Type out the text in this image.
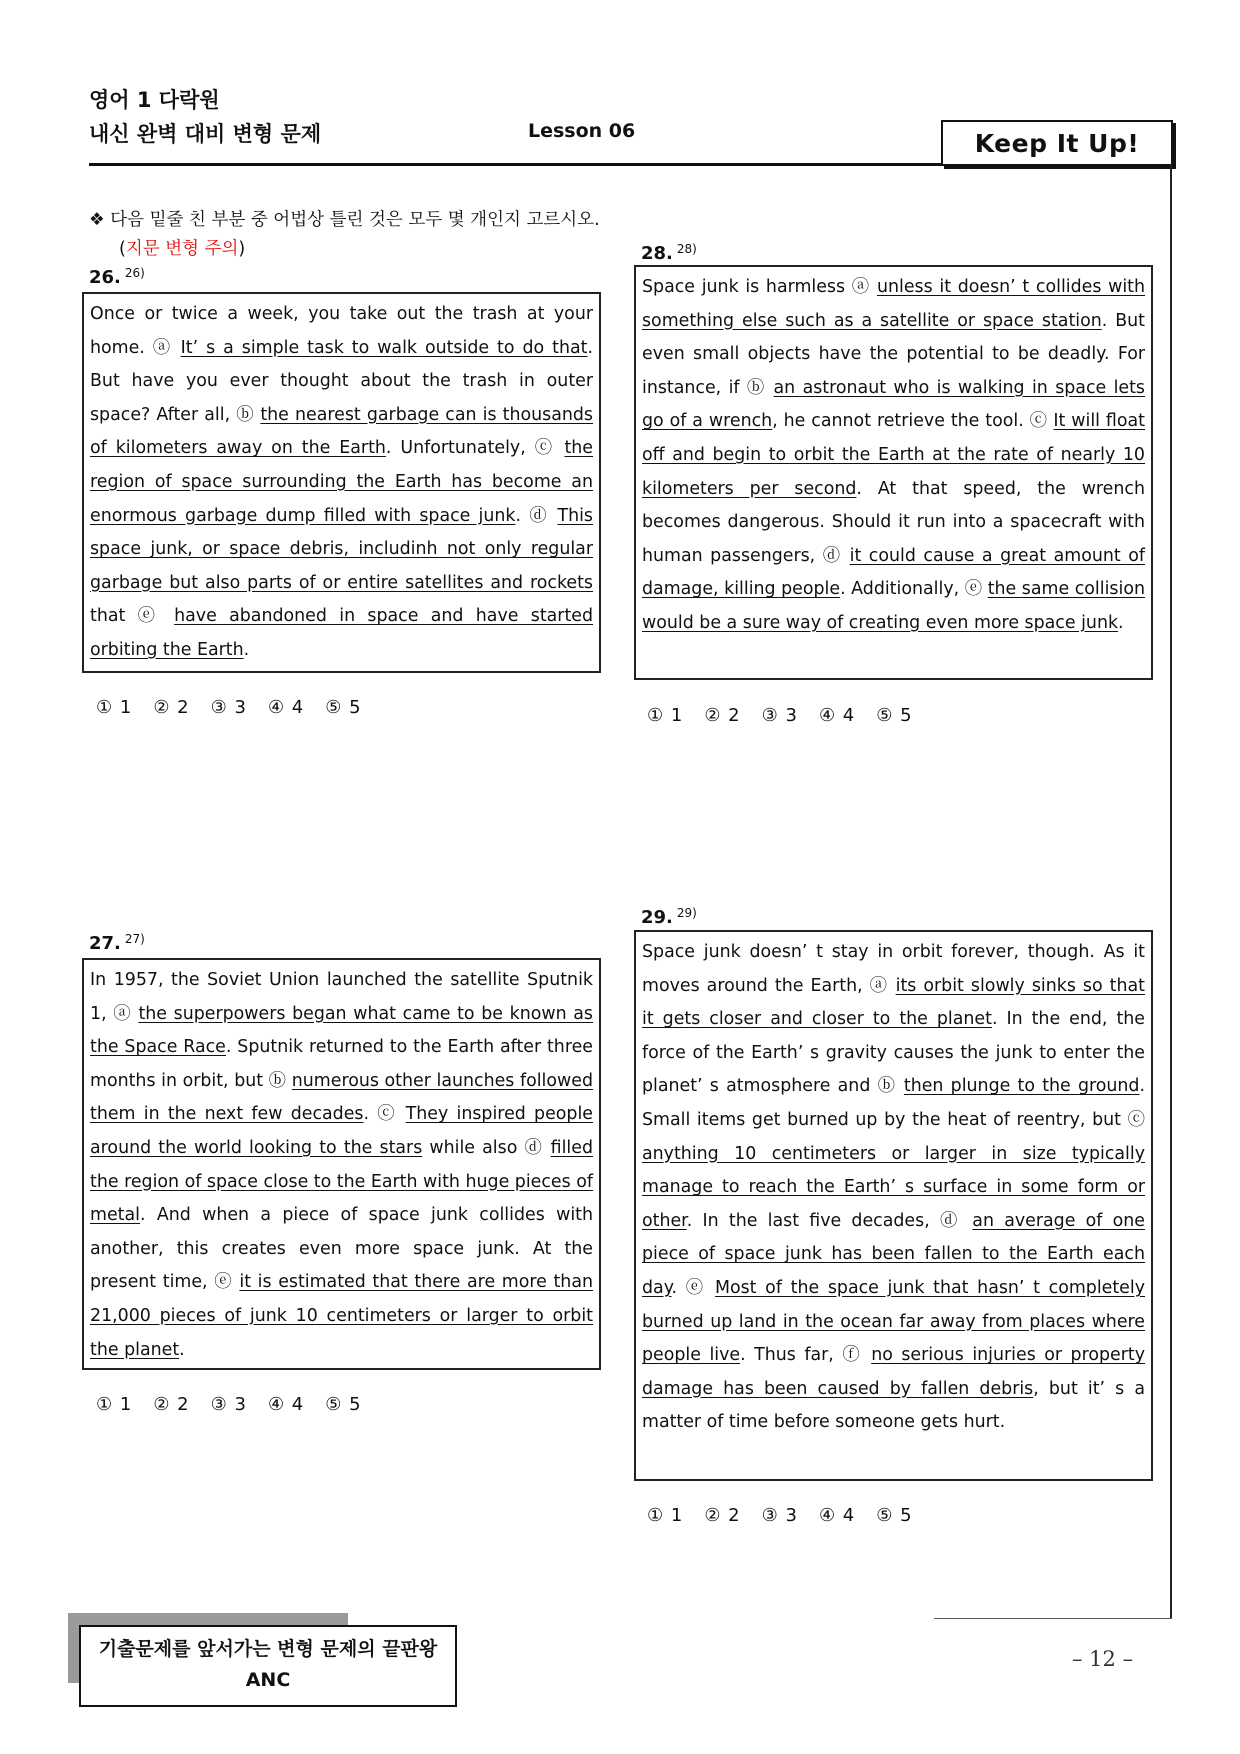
영어 1 다락원
내신 완벽 대비 변형 문제	Lesson 06	Keep It Up!
❖ 다음 밑줄 친 부분 중 어법상 틀린 것은 모두 몇 개인지 고르시오.
(지문 변형 주의)
26. $^{26)}$
Once or twice a week, you take out the trash at your home. ⓐ It’ s a simple task to walk outside to do that. But have you ever thought about the trash in outer space? After all, ⓑ the nearest garbage can is thousands of kilometers away on the Earth. Unfortunately, ⓒ the region of space surrounding the Earth has become an enormous garbage dump filled with space junk. ⓓ This space junk, or space debris, includinh not only regular garbage but also parts of or entire satellites and rockets that ⓔ have abandoned in space and have started orbiting the Earth.
① 1 ② 2 ③ 3 ④ 4 ⑤ 5
27. $^{27)}$
In 1957, the Soviet Union launched the satellite Sputnik 1, ⓐ the superpowers began what came to be known as the Space Race. Sputnik returned to the Earth after three months in orbit, but ⓑ numerous other launches followed them in the next few decades. ⓒ They inspired people around the world looking to the stars while also ⓓ filled the region of space close to the Earth with huge pieces of metal. And when a piece of space junk collides with another, this creates even more space junk. At the present time, ⓔ it is estimated that there are more than 21,000 pieces of junk 10 centimeters or larger to orbit the planet.
① 1 ② 2 ③ 3 ④ 4 ⑤ 5
28. $^{28)}$
Space junk is harmless ⓐ unless it doesn’ t collides with something else such as a satellite or space station. But even small objects have the potential to be deadly. For instance, if ⓑ an astronaut who is walking in space lets go of a wrench, he cannot retrieve the tool. ⓒ It will float off and begin to orbit the Earth at the rate of nearly 10 kilometers per second. At that speed, the wrench becomes dangerous. Should it run into a spacecraft with human passengers, ⓓ it could cause a great amount of damage, killing people. Additionally, ⓔ the same collision would be a sure way of creating even more space junk.
① 1 ② 2 ③ 3 ④ 4 ⑤ 5
29. $^{29)}$
Space junk doesn’ t stay in orbit forever, though. As it moves around the Earth, ⓐ its orbit slowly sinks so that it gets closer and closer to the planet. In the end, the force of the Earth’ s gravity causes the junk to enter the planet’ s atmosphere and ⓑ then plunge to the ground. Small items get burned up by the heat of reentry, but ⓒ anything 10 centimeters or larger in size typically manage to reach the Earth’ s surface in some form or other. In the last five decades, ⓓ an average of one piece of space junk has been fallen to the Earth each day. ⓔ Most of the space junk that hasn’ t completely burned up land in the ocean far away from places where people live. Thus far, ⓕ no serious injuries or property damage has been caused by fallen debris, but it’ s a matter of time before someone gets hurt.
① 1 ② 2 ③ 3 ④ 4 ⑤ 5
기출문제를 앞서가는 변형 문제의 끝판왕
ANC
– 12 –
